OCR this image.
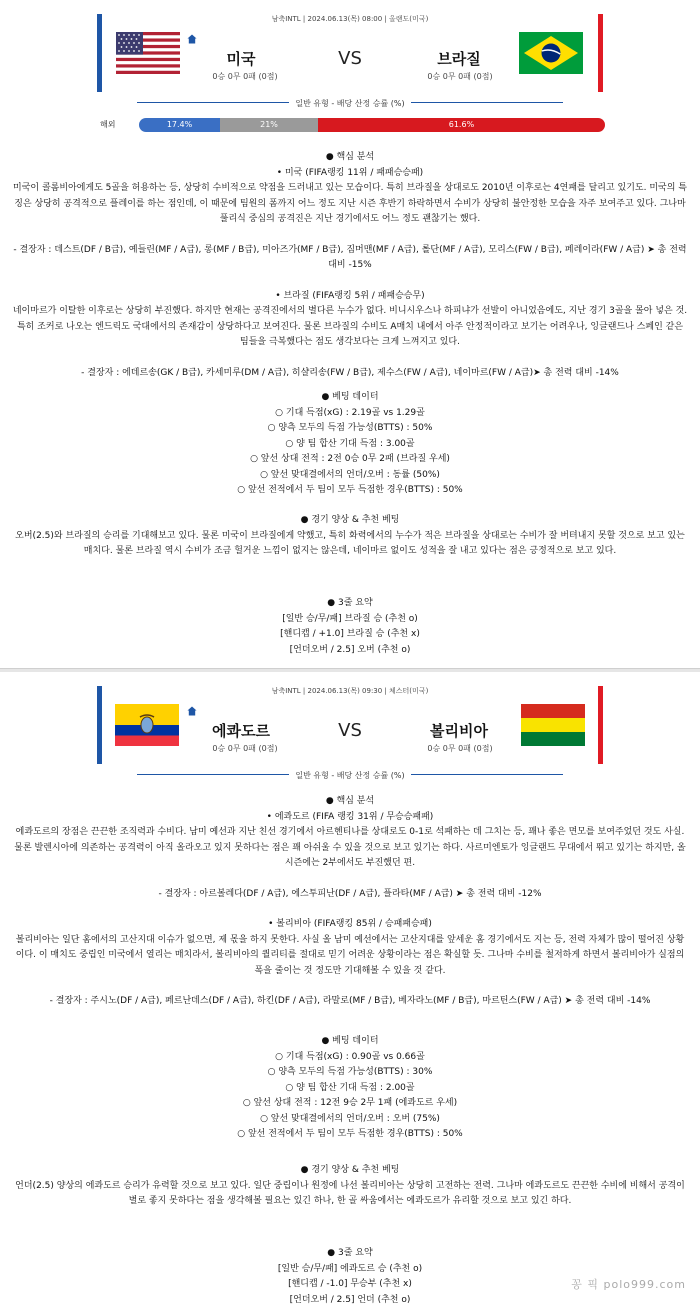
남축INTL | 2024.06.13(목) 08:00 | 올랜도(미국)
미국
0승 0무 0패 (0점)
VS	브라질
0승 0무 0패 (0점)
일반 유형 - 배당 산정 승률 (%)
해외	17.4%	21%	61.6%
● 핵심 분석
• 미국 (FIFA랭킹 11위 / 패패승승패)

미국이 콜롬비아에게도 5골을 허용하는 등, 상당히 수비적으로 약점을 드러내고 있는 모습이다. 특히 브라질을 상대로도 2010년 이후로는 4연패를 달리고 있기도. 미국의 특징은 상당히 공격적으로 플레이를 하는 점인데, 이 때문에 팀원의 폼까지 어느 정도 지난 시즌 후반기 하락하면서 수비가 상당히 불안정한 모습을 자주 보여주고 있다. 그나마 풀리식 중심의 공격진은 지난 경기에서도 어느 정도 괜찮기는 했다.

- 결장자 : 데스트(DF / B급), 예들린(MF / A급), 롱(MF / B급), 미아즈가(MF / B급), 짐머맨(MF / A급), 롤단(MF / A급), 모리스(FW / B급), 페레이라(FW / A급) ➤ 총 전력 대비 -15%

• 브라질 (FIFA랭킹 5위 / 패패승승무)

네이마르가 이탈한 이후로는 상당히 부진했다. 하지만 현재는 공격진에서의 별다른 누수가 없다. 비니시우스나 하피냐가 선발이 아니었음에도, 지난 경기 3골을 몰아 넣은 것. 특히 조커로 나오는 엔드릭도 국대에서의 존재감이 상당하다고 보여진다. 물론 브라질의 수비도 A매치 내에서 아주 안정적이라고 보기는 어려우나, 잉글랜드나 스페인 같은 팀들을 극복했다는 점도 생각보다는 크게 느껴지고 있다.

- 결장자 : 에데르송(GK / B급), 카세미루(DM / A급), 히샬리송(FW / B급), 제수스(FW / A급), 네이마르(FW / A급)➤ 총 전력 대비 -14%

● 베팅 데이터
○ 기대 득점(xG) : 2.19골 vs 1.29골
○ 양측 모두의 득점 가능성(BTTS) : 50%
○ 양 팀 합산 기대 득점 : 3.00골
○ 앞선 상대 전적 : 2전 0승 0무 2패 (브라질 우세)
○ 앞선 맞대결에서의 언더/오버 : 동률 (50%)
○ 앞선 전적에서 두 팀이 모두 득점한 경우(BTTS) : 50%
● 경기 양상 & 추천 베팅

오버(2.5)와 브라질의 승리를 기대해보고 있다. 물론 미국이 브라질에게 약했고, 특히 화력에서의 누수가 적은 브라질을 상대로는 수비가 잘 버텨내지 못할 것으로 보고 있는 매치다. 물론 브라질 역시 수비가 조금 헐거운 느낌이 없지는 않은데, 네이마르 없이도 성적을 잘 내고 있다는 점은 긍정적으로 보고 있다.

● 3줄 요약
[일반 승/무/패] 브라질 승 (추천 o)
[핸디캡 / +1.0] 브라질 승 (추천 x)
[언더오버 / 2.5] 오버 (추천 o)
남축INTL | 2024.06.13(목) 09:30 | 체스터(미국)
에콰도르
0승 0무 0패 (0점)
VS	볼리비아
0승 0무 0패 (0점)
일반 유형 - 배당 산정 승률 (%)
● 핵심 분석
• 에콰도르 (FIFA 랭킹 31위 / 무승승패패)

에콰도르의 장점은 끈끈한 조직력과 수비다. 남미 예선과 지난 친선 경기에서 아르헨티나를 상대로도 0-1로 석패하는 데 그치는 등, 꽤나 좋은 면모를 보여주었던 것도 사실. 물론 발렌시아에 의존하는 공격력이 아직 올라오고 있지 못하다는 점은 꽤 아쉬울 수 있을 것으로 보고 있기는 하다. 사르미엔토가 잉글랜드 무대에서 뛰고 있기는 하지만, 올 시즌에는 2부에서도 부진했던 편.

- 결장자 : 아르볼레다(DF / A급), 에스투피난(DF / A급), 플라타(MF / A급) ➤ 총 전력 대비 -12%

• 볼리비아 (FIFA랭킹 85위 / 승패패승패)

볼리비아는 일단 홈에서의 고산지대 이슈가 없으면, 제 몫을 하지 못한다. 사실 올 남미 예선에서는 고산지대를 앞세운 홈 경기에서도 지는 등, 전력 자체가 많이 떨어진 상황이다. 이 매치도 중립인 미국에서 열리는 매치라서, 볼리비아의 퀄리티를 절대로 믿기 어려운 상황이라는 점은 확실할 듯. 그나마 수비를 철저하게 하면서 볼리비아가 실점의 폭을 줄이는 것 정도만 기대해볼 수 있을 것 같다.

- 결장자 : 주시노(DF / A급), 페르난데스(DF / A급), 하킨(DF / A급), 라말로(MF / B급), 베자라노(MF / B급), 마르틴스(FW / A급) ➤ 총 전력 대비 -14%

● 베팅 데이터
○ 기대 득점(xG) : 0.90골 vs 0.66골
○ 양측 모두의 득점 가능성(BTTS) : 30%
○ 양 팀 합산 기대 득점 : 2.00골
○ 앞선 상대 전적 : 12전 9승 2무 1패 (에콰도르 우세)
○ 앞선 맞대결에서의 언더/오버 : 오버 (75%)
○ 앞선 전적에서 두 팀이 모두 득점한 경우(BTTS) : 50%
● 경기 양상 & 추천 베팅

언더(2.5) 양상의 에콰도르 승리가 유력할 것으로 보고 있다. 일단 중립이나 원정에 나선 볼리비아는 상당히 고전하는 전력. 그나마 에콰도르도 끈끈한 수비에 비해서 공격이 별로 좋지 못하다는 점을 생각해볼 필요는 있긴 하나, 한 골 싸움에서는 에콰도르가 유리할 것으로 보고 있긴 하다.

● 3줄 요약
[일반 승/무/패] 에콰도르 승 (추천 o)
[핸디캡 / -1.0] 무승부 (추천 x)
[언더오버 / 2.5] 언더 (추천 o)
꽁 픽 polo999.com
